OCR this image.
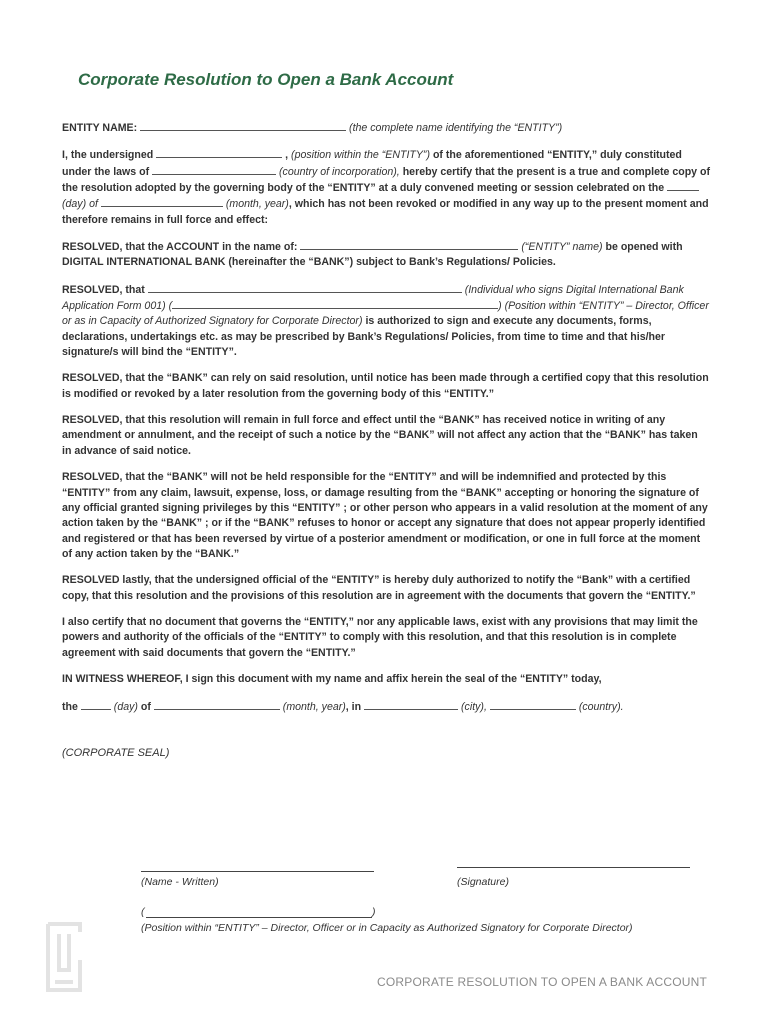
Corporate Resolution to Open a Bank Account

ENTITY NAME:	(the complete name identifying the “ENTITY”)

I, the undersigned	, (position within the “ENTITY”) of the aforementioned “ENTITY,” duly constituted under the laws of	(country of incorporation), hereby certify that the present is a true and complete copy of the resolution adopted by the governing body of the “ENTITY” at a duly convened meeting or session celebrated on the  (day) of	(month, year), which has not been revoked or modified in any way up to the present moment and therefore remains in full force and effect:

RESOLVED, that the ACCOUNT in the name of:	(“ENTITY” name) be opened with DIGITAL INTERNATIONAL BANK (hereinafter the “BANK”) subject to Bank’s Regulations/ Policies.

RESOLVED, that	(Individual who signs Digital International Bank Application Form 001) (	) (Position within “ENTITY” – Director, Officer or as in Capacity of Authorized Signatory for Corporate Director) is authorized to sign and execute any documents, forms, declarations, undertakings etc. as may be prescribed by Bank’s Regulations/ Policies, from time to time and that his/her signature/s will bind the “ENTITY”.

RESOLVED, that the “BANK” can rely on said resolution, until notice has been made through a certified copy that this resolution is modified or revoked by a later resolution from the governing body of this “ENTITY.”

RESOLVED, that this resolution will remain in full force and effect until the “BANK” has received notice in writing of any amendment or annulment, and the receipt of such a notice by the “BANK” will not affect any action that the “BANK” has taken in advance of said notice.

RESOLVED, that the “BANK” will not be held responsible for the “ENTITY” and will be indemnified and protected by this “ENTITY” from any claim, lawsuit, expense, loss, or damage resulting from the “BANK” accepting or honoring the signature of any official granted signing privileges by this “ENTITY” ; or other person who appears in a valid resolution at the moment of any action taken by the “BANK” ; or if the “BANK” refuses to honor or accept any signature that does not appear properly identified and registered or that has been reversed by virtue of a posterior amendment or modification, or one in full force at the moment of any action taken by the “BANK.”

RESOLVED lastly, that the undersigned official of the “ENTITY” is hereby duly authorized to notify the “Bank” with a certified copy, that this resolution and the provisions of this resolution are in agreement with the documents that govern the “ENTITY.”

I also certify that no document that governs the “ENTITY,” nor any applicable laws, exist with any provisions that may limit the powers and authority of the officials of the “ENTITY” to comply with this resolution, and that this resolution is in complete agreement with said documents that govern the “ENTITY.”

IN WITNESS WHEREOF, I sign this document with my name and affix herein the seal of the “ENTITY” today,

the	(day) of	(month, year), in	(city),	(country).

(CORPORATE SEAL)
(Name - Written)	(Signature)
(	)
(Position within “ENTITY” – Director, Officer or in Capacity as Authorized Signatory for Corporate Director)
CORPORATE RESOLUTION TO OPEN A BANK ACCOUNT
